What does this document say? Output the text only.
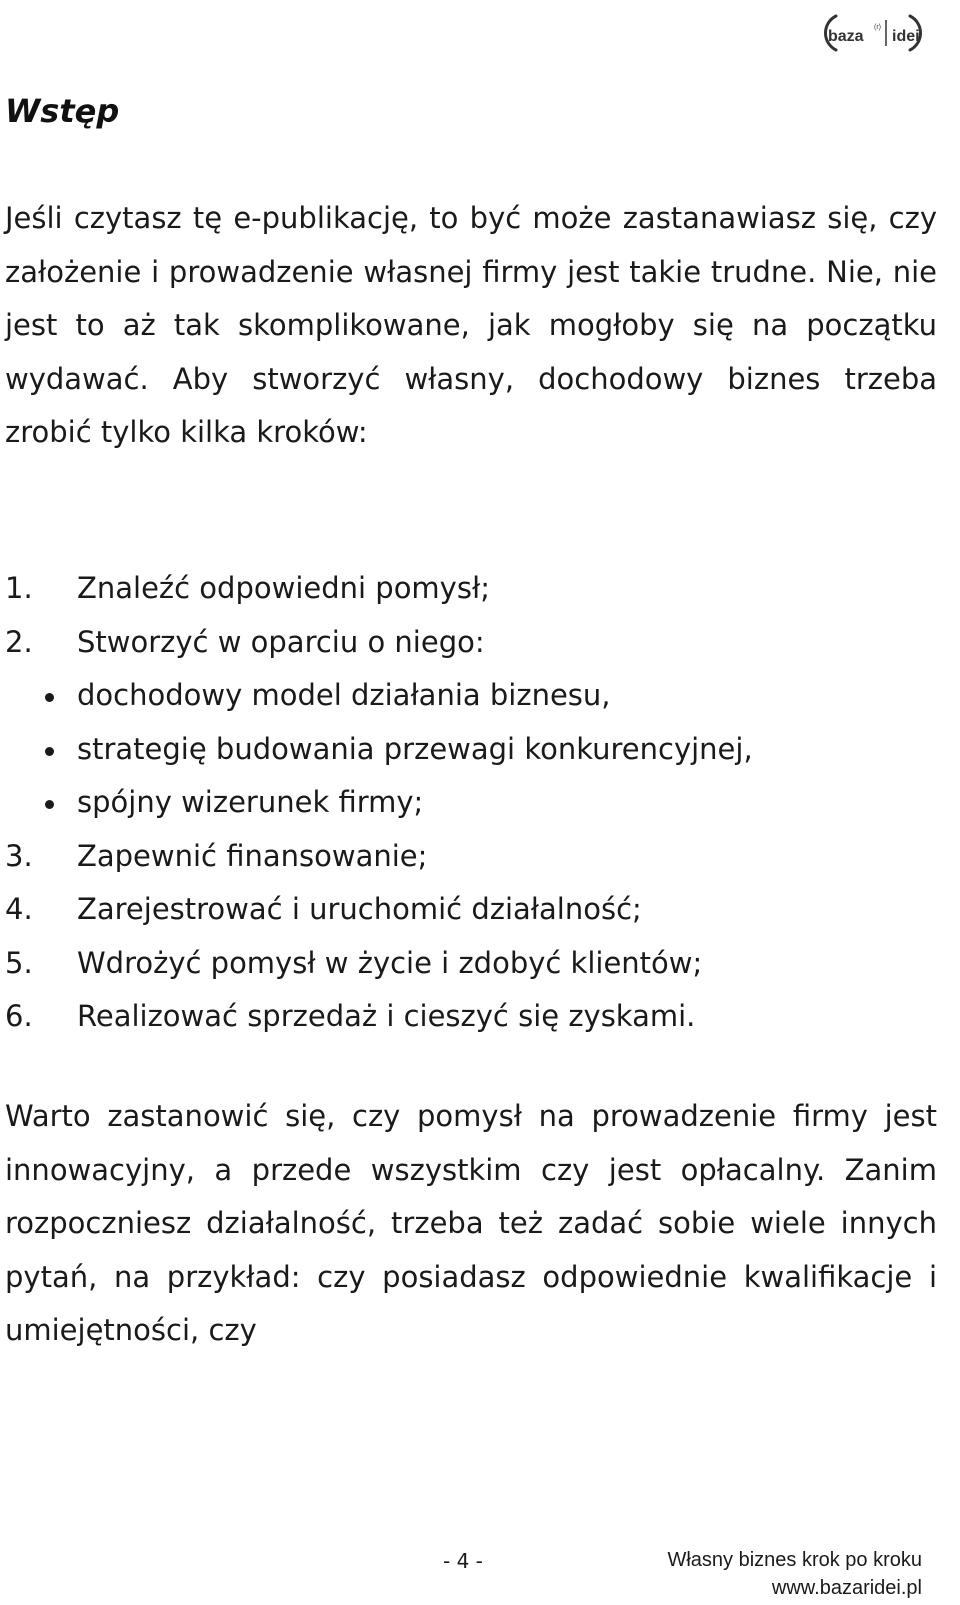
baza
(r)
idei
Wstęp

Jeśli czytasz tę e-publikację, to być może zastanawiasz się, czy założenie i prowadzenie własnej firmy jest takie trudne. Nie, nie jest to aż tak skomplikowane, jak mogłoby się na początku wydawać. Aby stworzyć własny, dochodowy biznes trzeba zrobić tylko kilka kroków:

1. Znaleźć odpowiedni pomysł;
2. Stworzyć w oparciu o niego:
dochodowy model działania biznesu,
strategię budowania przewagi konkurencyjnej,
spójny wizerunek firmy;
3. Zapewnić finansowanie;
4. Zarejestrować i uruchomić działalność;
5. Wdrożyć pomysł w życie i zdobyć klientów;
6. Realizować sprzedaż i cieszyć się zyskami.

Warto zastanowić się, czy pomysł na prowadzenie firmy jest innowacyjny, a przede wszystkim czy jest opłacalny. Zanim rozpoczniesz działalność, trzeba też zadać sobie wiele innych pytań, na przykład: czy posiadasz odpowiednie kwalifikacje i umiejętności, czy

- 4 -	Własny biznes krok po kroku
www.bazaridei.pl
